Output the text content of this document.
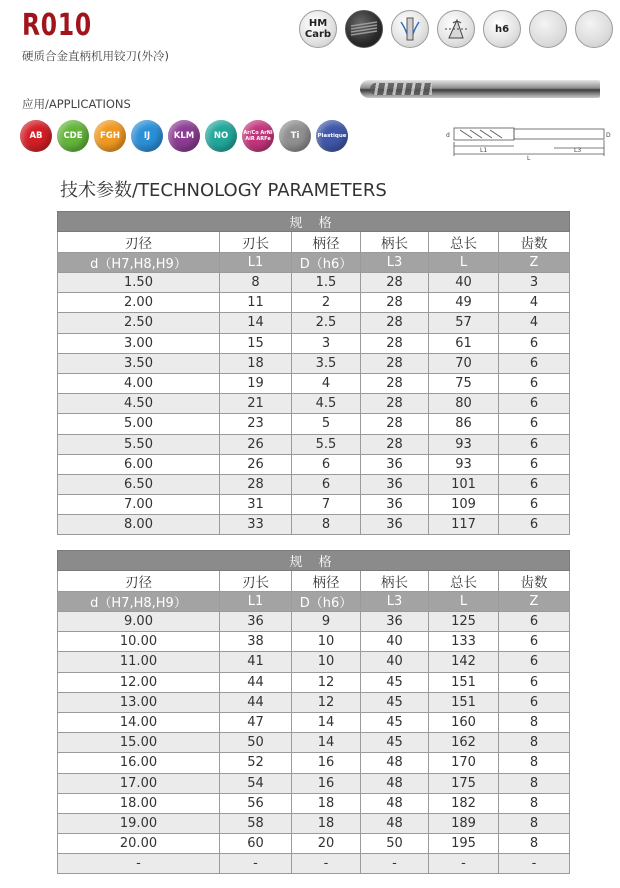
R010
硬质合金直柄机用铰刀(外冷)
HM
Carb	h6
应用/APPLICATIONS
AB	CDE	FGH	IJ	KLM	NO	Ar/Co ArNi
AiR ARFe	Ti	Plastique	d	D
L1
L
L3
技术参数/TECHNOLOGY PARAMETERS
规 格					
刃径	刃长	柄径	柄长	总长	齿数
d（H7,H8,H9）	L1	D（h6）	L3	L	Z
1.50	8	1.5	28	40	3
2.00	11	2	28	49	4
2.50	14	2.5	28	57	4
3.00	15	3	28	61	6
3.50	18	3.5	28	70	6
4.00	19	4	28	75	6
4.50	21	4.5	28	80	6
5.00	23	5	28	86	6
5.50	26	5.5	28	93	6
6.00	26	6	36	93	6
6.50	28	6	36	101	6
7.00	31	7	36	109	6
8.00	33	8	36	117	6
规 格					
刃径	刃长	柄径	柄长	总长	齿数
d（H7,H8,H9）	L1	D（h6）	L3	L	Z
9.00	36	9	36	125	6
10.00	38	10	40	133	6
11.00	41	10	40	142	6
12.00	44	12	45	151	6
13.00	44	12	45	151	6
14.00	47	14	45	160	8
15.00	50	14	45	162	8
16.00	52	16	48	170	8
17.00	54	16	48	175	8
18.00	56	18	48	182	8
19.00	58	18	48	189	8
20.00	60	20	50	195	8
-	-	-	-	-	-
